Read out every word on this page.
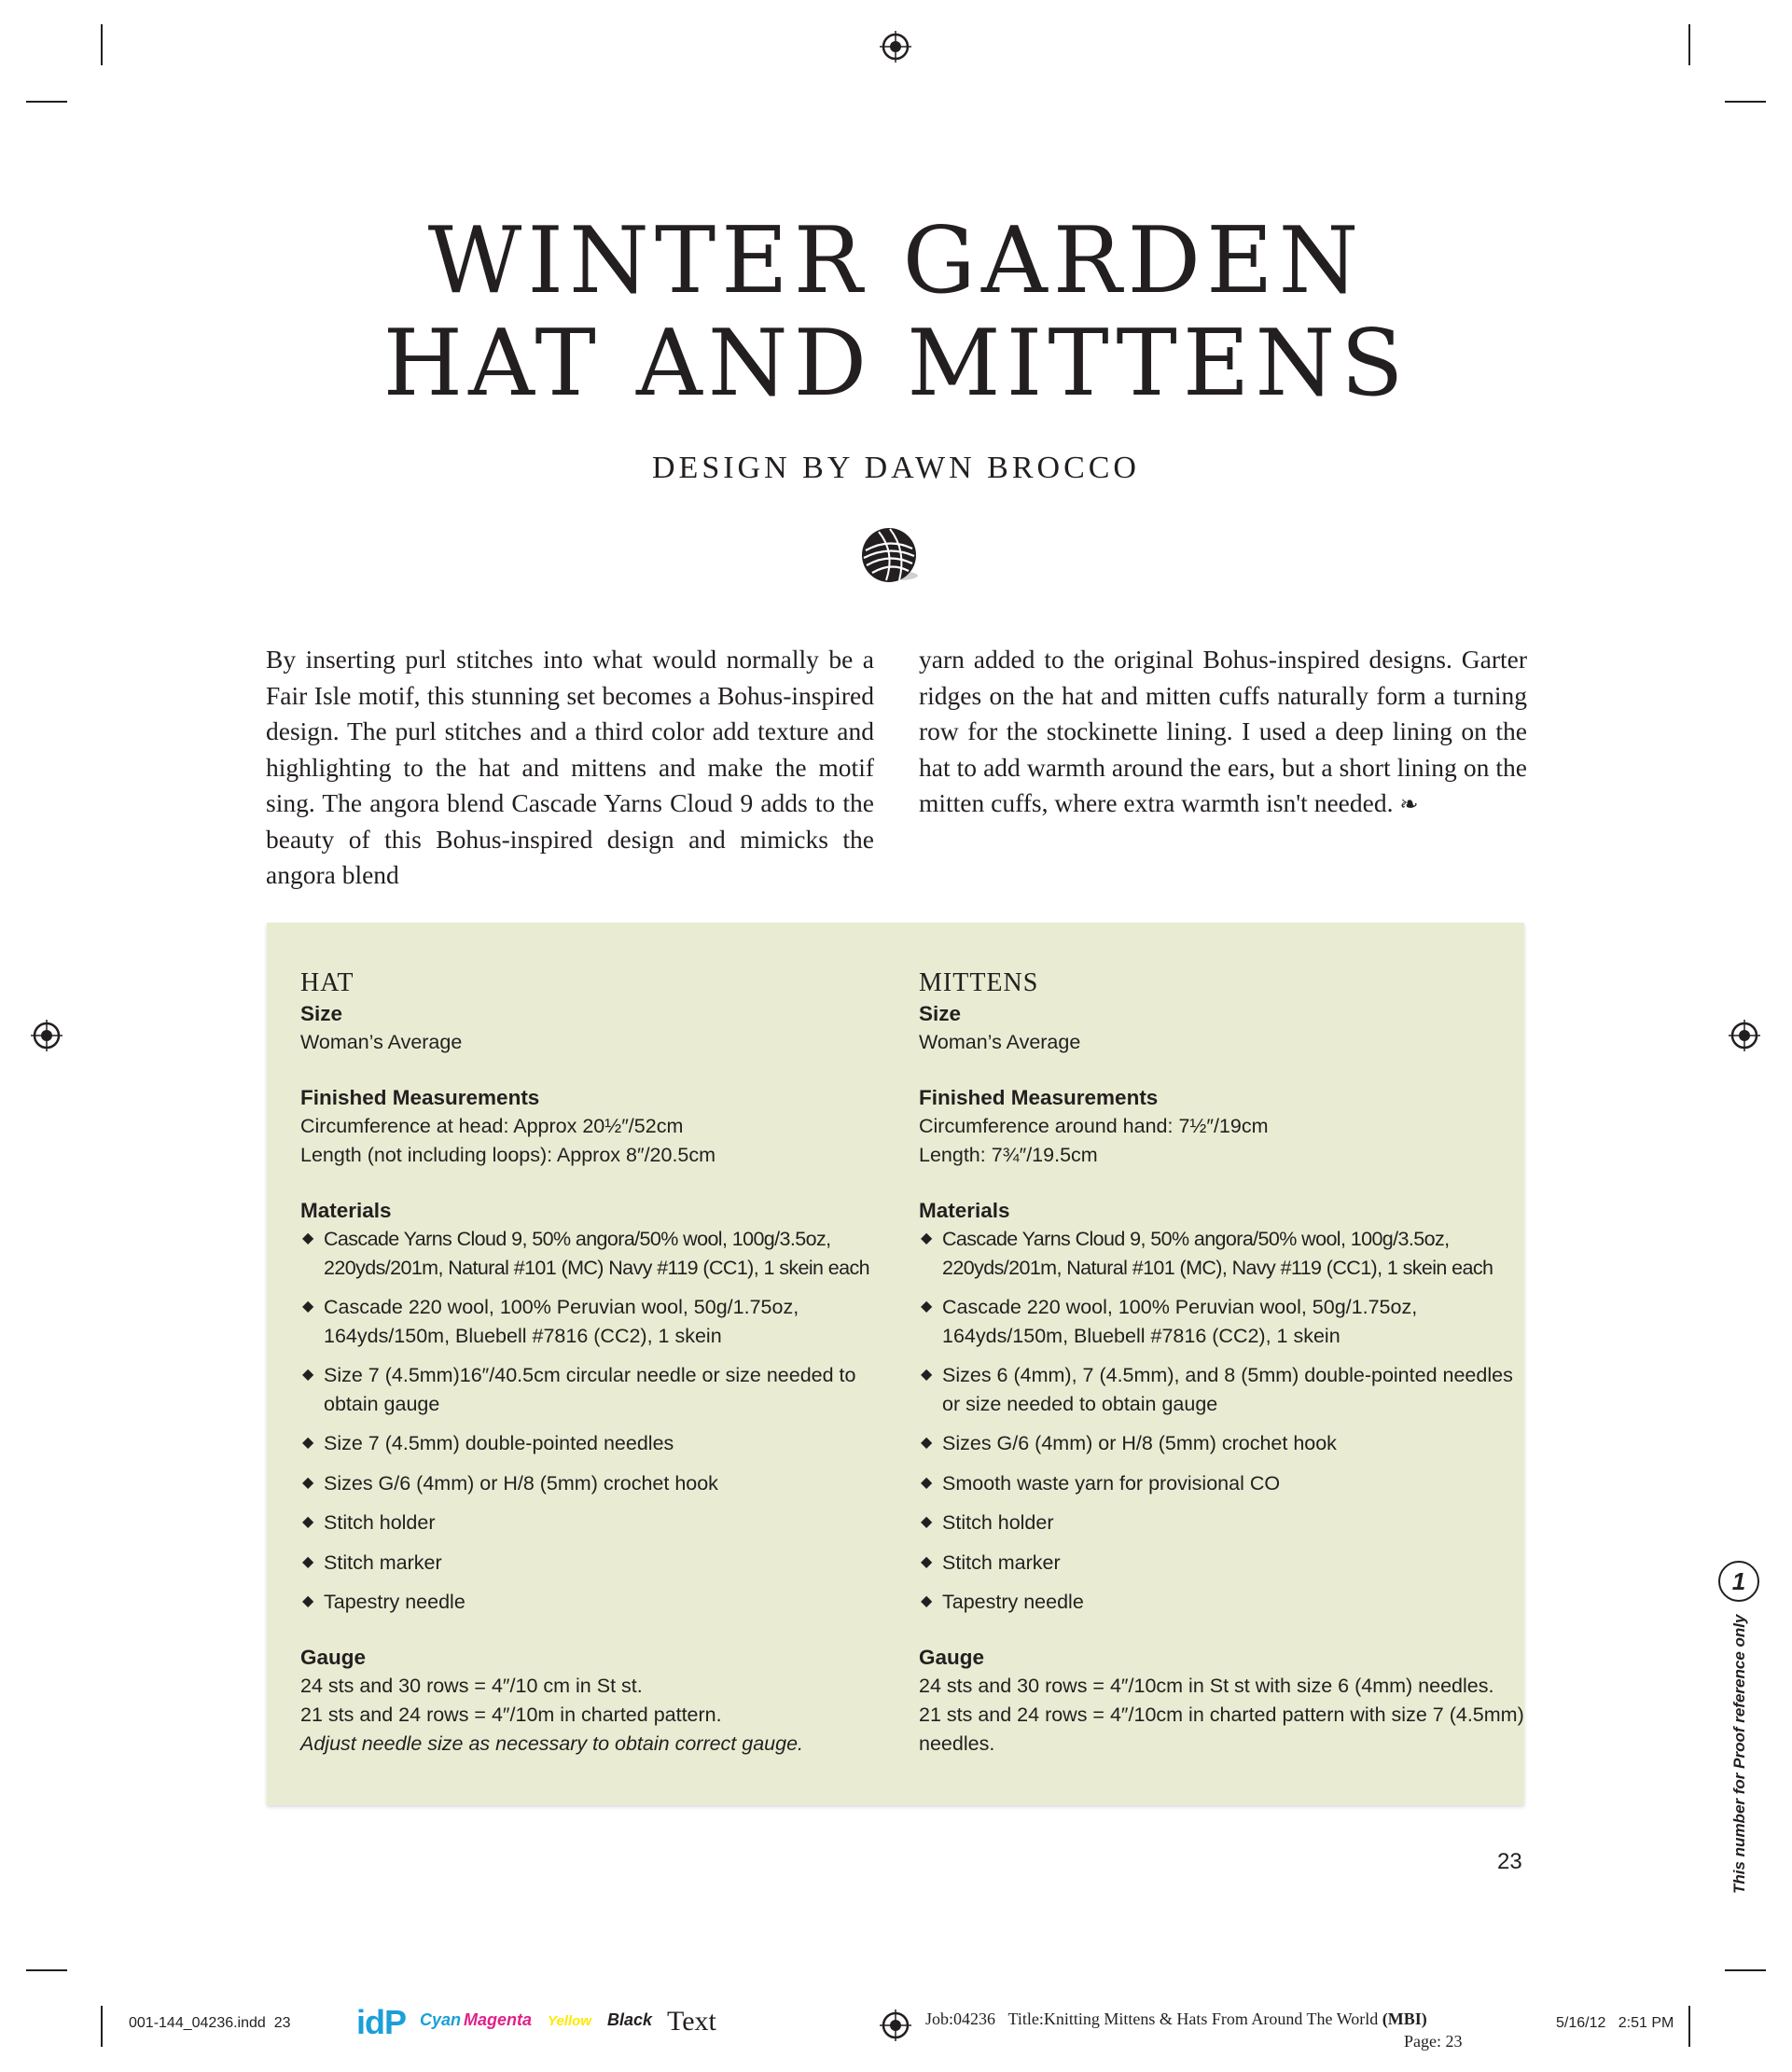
WINTER GARDEN
HAT AND MITTENS
DESIGN BY DAWN BROCCO
By inserting purl stitches into what would normally be a Fair Isle motif, this stunning set becomes a Bohus-inspired design. The purl stitches and a third color add texture and highlighting to the hat and mittens and make the motif sing. The angora blend Cascade Yarns Cloud 9 adds to the beauty of this Bohus-inspired design and mimicks the angora blend
yarn added to the original Bohus-inspired designs. Garter ridges on the hat and mitten cuffs naturally form a turning row for the stockinette lining. I used a deep lining on the hat to add warmth around the ears, but a short lining on the mitten cuffs, where extra warmth isn't needed. ❧
HAT
Size
Woman’s Average
Finished Measurements
Circumference at head: Approx 20½″/52cm
Length (not including loops): Approx 8″/20.5cm
Materials
◆ Cascade Yarns Cloud 9, 50% angora/50% wool, 100g/3.5oz, 220yds/201m, Natural #101 (MC) Navy #119 (CC1), 1 skein each
◆ Cascade 220 wool, 100% Peruvian wool, 50g/1.75oz, 164yds/150m, Bluebell #7816 (CC2), 1 skein
◆ Size 7 (4.5mm)16″/40.5cm circular needle or size needed to obtain gauge
◆ Size 7 (4.5mm) double-pointed needles
◆ Sizes G/6 (4mm) or H/8 (5mm) crochet hook
◆ Stitch holder
◆ Stitch marker
◆ Tapestry needle
Gauge
24 sts and 30 rows = 4″/10 cm in St st.
21 sts and 24 rows = 4″/10m in charted pattern.
Adjust needle size as necessary to obtain correct gauge.
MITTENS
Size
Woman’s Average
Finished Measurements
Circumference around hand: 7½″/19cm
Length: 7¾″/19.5cm
Materials
◆ Cascade Yarns Cloud 9, 50% angora/50% wool, 100g/3.5oz, 220yds/201m, Natural #101 (MC), Navy #119 (CC1), 1 skein each
◆ Cascade 220 wool, 100% Peruvian wool, 50g/1.75oz, 164yds/150m, Bluebell #7816 (CC2), 1 skein
◆ Sizes 6 (4mm), 7 (4.5mm), and 8 (5mm) double-pointed needles or size needed to obtain gauge
◆ Sizes G/6 (4mm) or H/8 (5mm) crochet hook
◆ Smooth waste yarn for provisional CO
◆ Stitch holder
◆ Stitch marker
◆ Tapestry needle
Gauge
24 sts and 30 rows = 4″/10cm in St st with size 6 (4mm) needles.
21 sts and 24 rows = 4″/10cm in charted pattern with size 7 (4.5mm) needles.
23
1
This number for Proof reference only
001-144_04236.indd 23 idP Cyan Magenta Yellow Black Text	Job:04236 Title:Knitting Mittens & Hats From Around The World (MBI)
Page: 23
5/16/12 2:51 PM
